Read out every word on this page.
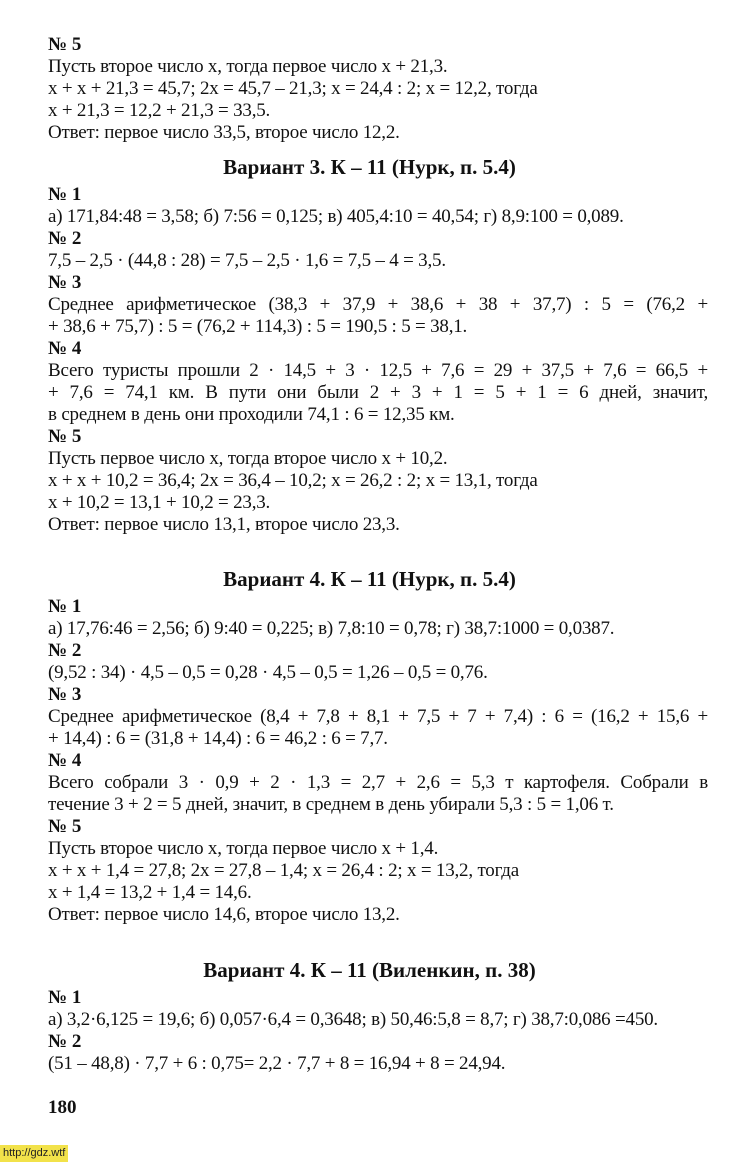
№ 5
Пусть второе число x, тогда первое число x + 21,3.
x + x + 21,3 = 45,7; 2x = 45,7 – 21,3; x = 24,4 : 2; x = 12,2, тогда
x + 21,3 = 12,2 + 21,3 = 33,5.
Ответ: первое число 33,5, второе число 12,2.
Вариант 3. К – 11 (Нурк, п. 5.4)
№ 1
а) 171,84:48 = 3,58; б) 7:56 = 0,125; в) 405,4:10 = 40,54; г) 8,9:100 = 0,089.
№ 2
7,5 – 2,5 · (44,8 : 28) = 7,5 – 2,5 · 1,6 = 7,5 – 4 = 3,5.
№ 3
Среднее арифметическое (38,3 + 37,9 + 38,6 + 38 + 37,7) : 5 = (76,2 +
+ 38,6 + 75,7) : 5 = (76,2 + 114,3) : 5 = 190,5 : 5 = 38,1.
№ 4
Всего туристы прошли 2 · 14,5 + 3 · 12,5 + 7,6 = 29 + 37,5 + 7,6 = 66,5 +
+ 7,6 = 74,1 км. В пути они были 2 + 3 + 1 = 5 + 1 = 6 дней, значит,
в среднем в день они проходили 74,1 : 6 = 12,35 км.
№ 5
Пусть первое число x, тогда второе число x + 10,2.
x + x + 10,2 = 36,4; 2x = 36,4 – 10,2; x = 26,2 : 2; x = 13,1, тогда
x + 10,2 = 13,1 + 10,2 = 23,3.
Ответ: первое число 13,1, второе число 23,3.
Вариант 4. К – 11 (Нурк, п. 5.4)
№ 1
а) 17,76:46 = 2,56; б) 9:40 = 0,225; в) 7,8:10 = 0,78; г) 38,7:1000 = 0,0387.
№ 2
(9,52 : 34) · 4,5 – 0,5 = 0,28 · 4,5 – 0,5 = 1,26 – 0,5 = 0,76.
№ 3
Среднее арифметическое (8,4 + 7,8 + 8,1 + 7,5 + 7 + 7,4) : 6 = (16,2 + 15,6 +
+ 14,4) : 6 = (31,8 + 14,4) : 6 = 46,2 : 6 = 7,7.
№ 4
Всего собрали 3 · 0,9 + 2 · 1,3 = 2,7 + 2,6 = 5,3 т картофеля. Собрали в
течение 3 + 2 = 5 дней, значит, в среднем в день убирали 5,3 : 5 = 1,06 т.
№ 5
Пусть второе число x, тогда первое число x + 1,4.
x + x + 1,4 = 27,8; 2x = 27,8 – 1,4; x = 26,4 : 2; x = 13,2, тогда
x + 1,4 = 13,2 + 1,4 = 14,6.
Ответ: первое число 14,6, второе число 13,2.
Вариант 4. К – 11 (Виленкин, п. 38)
№ 1
а) 3,2·6,125 = 19,6; б) 0,057·6,4 = 0,3648; в) 50,46:5,8 = 8,7; г) 38,7:0,086 =450.
№ 2
(51 – 48,8) · 7,7 + 6 : 0,75= 2,2 · 7,7 + 8 = 16,94 + 8 = 24,94.
180
http://gdz.wtf
